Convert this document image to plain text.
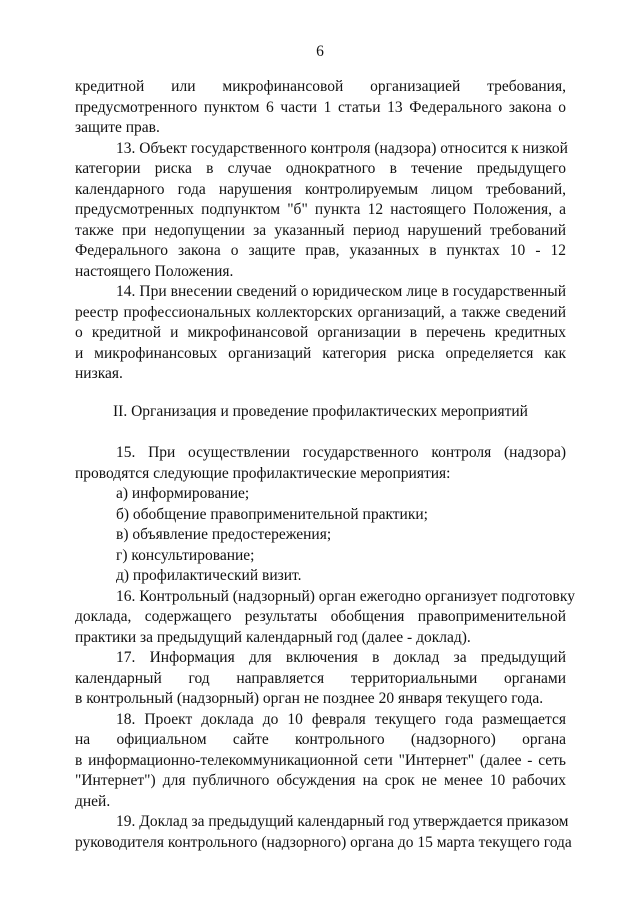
6
кредитной или микрофинансовой организацией требования,
предусмотренного пунктом 6 части 1 статьи 13 Федерального закона о
защите прав.
13. Объект государственного контроля (надзора) относится к низкой
категории риска в случае однократного в течение предыдущего
календарного года нарушения контролируемым лицом требований,
предусмотренных подпунктом "б" пункта 12 настоящего Положения, а
также при недопущении за указанный период нарушений требований
Федерального закона о защите прав, указанных в пунктах 10 - 12
настоящего Положения.
14. При внесении сведений о юридическом лице в государственный
реестр профессиональных коллекторских организаций, а также сведений
о кредитной и микрофинансовой организации в перечень кредитных
и микрофинансовых организаций категория риска определяется как
низкая.
II. Организация и проведение профилактических мероприятий
15. При осуществлении государственного контроля (надзора)
проводятся следующие профилактические мероприятия:
а) информирование;
б) обобщение правоприменительной практики;
в) объявление предостережения;
г) консультирование;
д) профилактический визит.
16. Контрольный (надзорный) орган ежегодно организует подготовку
доклада, содержащего результаты обобщения правоприменительной
практики за предыдущий календарный год (далее - доклад).
17. Информация для включения в доклад за предыдущий
календарный год направляется территориальными органами
в контрольный (надзорный) орган не позднее 20 января текущего года.
18. Проект доклада до 10 февраля текущего года размещается
на официальном сайте контрольного (надзорного) органа
в информационно-телекоммуникационной сети "Интернет" (далее - сеть
"Интернет") для публичного обсуждения на срок не менее 10 рабочих
дней.
19. Доклад за предыдущий календарный год утверждается приказом
руководителя контрольного (надзорного) органа до 15 марта текущего года
